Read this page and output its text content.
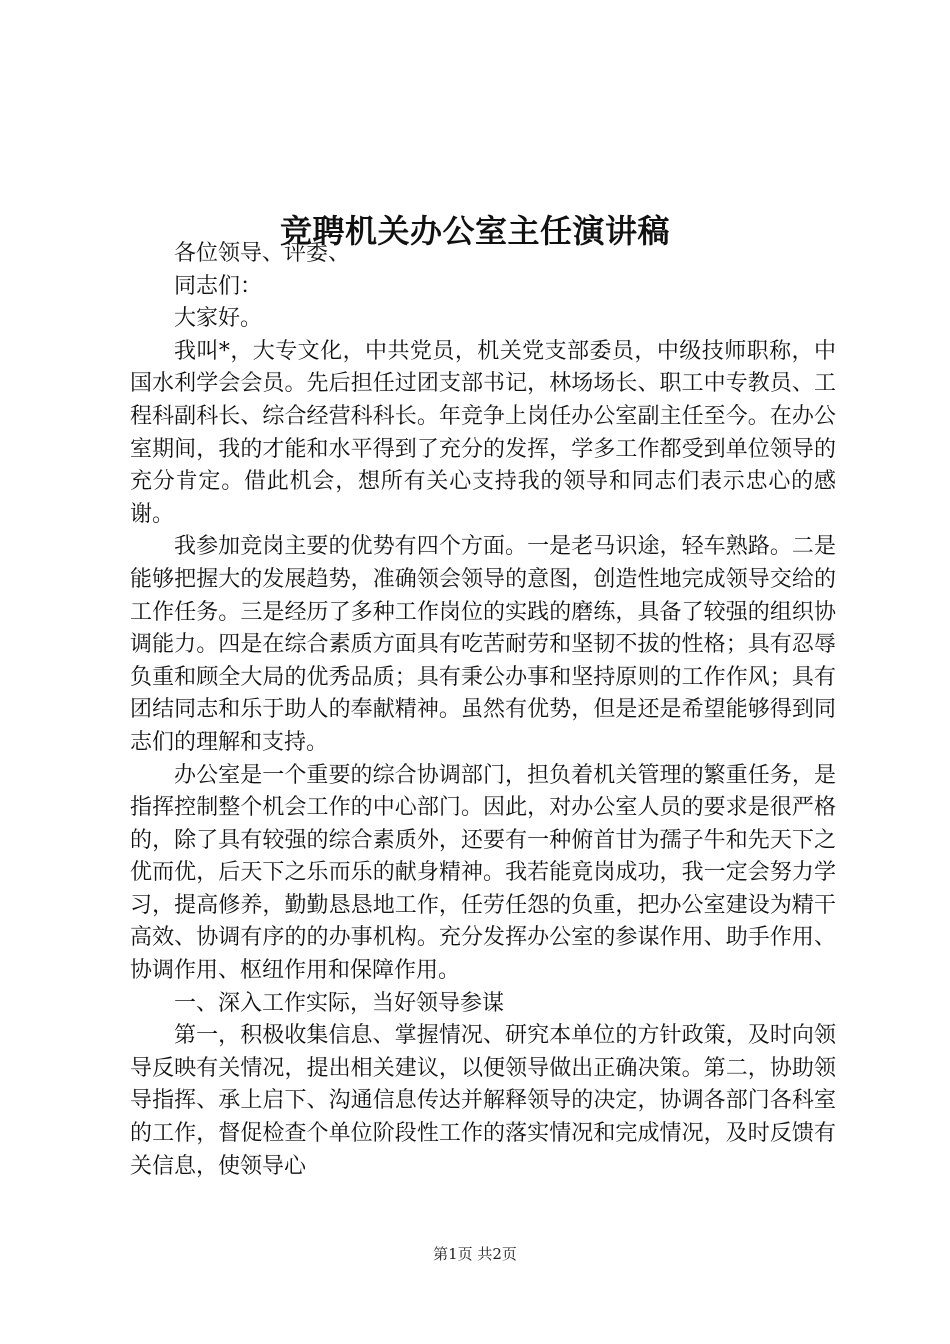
竞聘机关办公室主任演讲稿

各位领导、评委、

同志们：

大家好。

我叫*，大专文化，中共党员，机关党支部委员，中级技师职称，中国水利学会会员。先后担任过团支部书记，林场场长、职工中专教员、工程科副科长、综合经营科科长。年竞争上岗任办公室副主任至今。在办公室期间，我的才能和水平得到了充分的发挥，学多工作都受到单位领导的充分肯定。借此机会，想所有关心支持我的领导和同志们表示忠心的感谢。

我参加竞岗主要的优势有四个方面。一是老马识途，轻车熟路。二是能够把握大的发展趋势，准确领会领导的意图，创造性地完成领导交给的工作任务。三是经历了多种工作岗位的实践的磨练，具备了较强的组织协调能力。四是在综合素质方面具有吃苦耐劳和坚韧不拔的性格；具有忍辱负重和顾全大局的优秀品质；具有秉公办事和坚持原则的工作作风；具有团结同志和乐于助人的奉献精神。虽然有优势，但是还是希望能够得到同志们的理解和支持。

办公室是一个重要的综合协调部门，担负着机关管理的繁重任务，是指挥控制整个机会工作的中心部门。因此，对办公室人员的要求是很严格的，除了具有较强的综合素质外，还要有一种俯首甘为孺子牛和先天下之优而优，后天下之乐而乐的献身精神。我若能竟岗成功，我一定会努力学习，提高修养，勤勤恳恳地工作，任劳任怨的负重，把办公室建设为精干高效、协调有序的的办事机构。充分发挥办公室的参谋作用、助手作用、协调作用、枢纽作用和保障作用。

一、深入工作实际，当好领导参谋

第一，积极收集信息、掌握情况、研究本单位的方针政策，及时向领导反映有关情况，提出相关建议，以便领导做出正确决策。第二，协助领导指挥、承上启下、沟通信息传达并解释领导的决定，协调各部门各科室的工作，督促检查个单位阶段性工作的落实情况和完成情况，及时反馈有关信息，使领导心

第1页 共2页
